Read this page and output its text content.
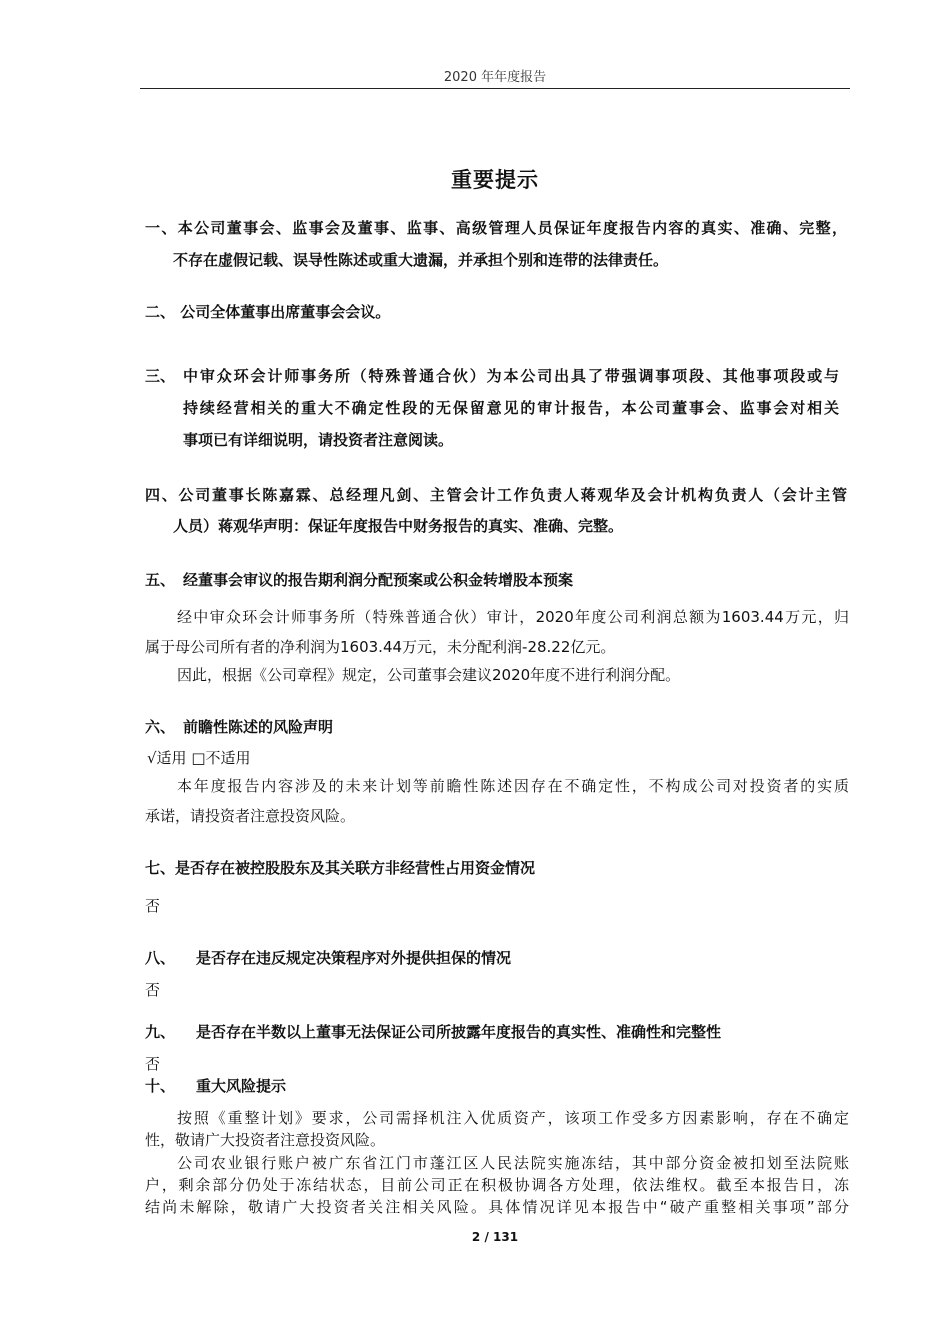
2020 年年度报告
重要提示
一、本公司董事会、监事会及董事、监事、高级管理人员保证年度报告内容的真实、准确、完整，
不存在虚假记载、误导性陈述或重大遗漏，并承担个别和连带的法律责任。
二、 公司全体董事出席董事会会议。
三、 中审众环会计师事务所（特殊普通合伙）为本公司出具了带强调事项段、其他事项段或与
持续经营相关的重大不确定性段的无保留意见的审计报告，本公司董事会、监事会对相关
事项已有详细说明，请投资者注意阅读。
四、公司董事长陈嘉霖、总经理凡剑、主管会计工作负责人蒋观华及会计机构负责人（会计主管
人员）蒋观华声明：保证年度报告中财务报告的真实、准确、完整。
五、 经董事会审议的报告期利润分配预案或公积金转增股本预案
经中审众环会计师事务所（特殊普通合伙）审计，2020年度公司利润总额为1603.44万元，归
属于母公司所有者的净利润为1603.44万元，未分配利润-28.22亿元。
因此，根据《公司章程》规定，公司董事会建议2020年度不进行利润分配。
六、 前瞻性陈述的风险声明
√适用 □不适用
本年度报告内容涉及的未来计划等前瞻性陈述因存在不确定性，不构成公司对投资者的实质
承诺，请投资者注意投资风险。
七、是否存在被控股股东及其关联方非经营性占用资金情况
否
八、 是否存在违反规定决策程序对外提供担保的情况
否
九、 是否存在半数以上董事无法保证公司所披露年度报告的真实性、准确性和完整性
否
十、 重大风险提示
按照《重整计划》要求，公司需择机注入优质资产，该项工作受多方因素影响，存在不确定
性，敬请广大投资者注意投资风险。
公司农业银行账户被广东省江门市蓬江区人民法院实施冻结，其中部分资金被扣划至法院账
户，剩余部分仍处于冻结状态，目前公司正在积极协调各方处理，依法维权。截至本报告日，冻
结尚未解除，敬请广大投资者关注相关风险。具体情况详见本报告中“破产重整相关事项”部分
2 / 131
